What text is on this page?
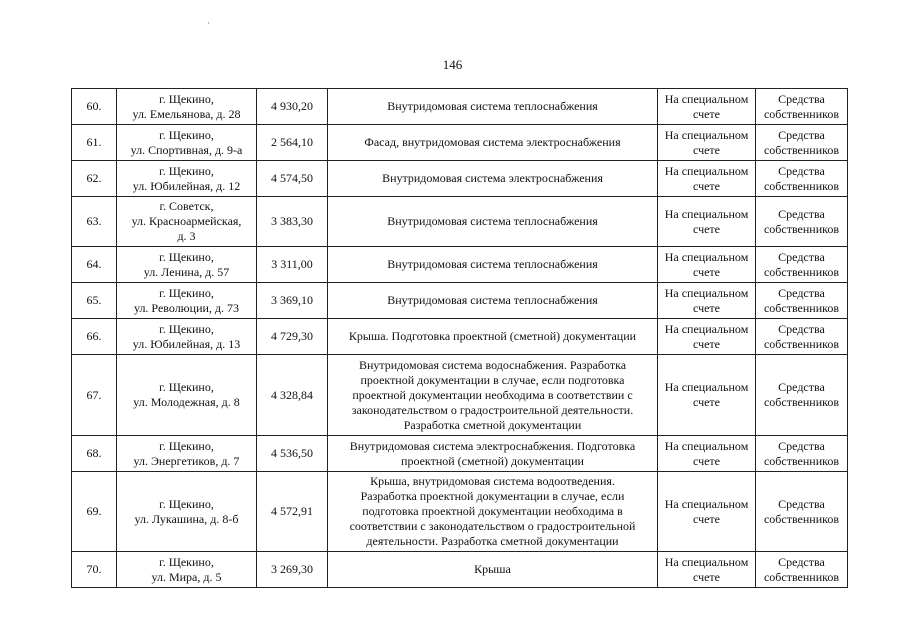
146
60.	г. Щекино,
ул. Емельянова, д. 28	4 930,20	Внутридомовая система теплоснабжения	На специальном
счете	Средства
собственников

61.	г. Щекино,
ул. Спортивная, д. 9-а	2 564,10	Фасад, внутридомовая система электроснабжения	На специальном
счете	Средства
собственников

62.	г. Щекино,
ул. Юбилейная, д. 12	4 574,50	Внутридомовая система электроснабжения	На специальном
счете	Средства
собственников

63.	г. Советск,
ул. Красноармейская,
д. 3	3 383,30	Внутридомовая система теплоснабжения	На специальном
счете	Средства
собственников

64.	г. Щекино,
ул. Ленина, д. 57	3 311,00	Внутридомовая система теплоснабжения	На специальном
счете	Средства
собственников

65.	г. Щекино,
ул. Революции, д. 73	3 369,10	Внутридомовая система теплоснабжения	На специальном
счете	Средства
собственников

66.	г. Щекино,
ул. Юбилейная, д. 13	4 729,30	Крыша. Подготовка проектной (сметной) документации	На специальном
счете	Средства
собственников

67.	г. Щекино,
ул. Молодежная, д. 8	4 328,84	Внутридомовая система водоснабжения. Разработка
проектной документации в случае, если подготовка
проектной документации необходима в соответствии с
законодательством о градостроительной деятельности.
Разработка сметной документации	На специальном
счете	Средства
собственников

68.	г. Щекино,
ул. Энергетиков, д. 7	4 536,50	Внутридомовая система электроснабжения. Подготовка
проектной (сметной) документации	На специальном
счете	Средства
собственников

69.	г. Щекино,
ул. Лукашина, д. 8-б	4 572,91	Крыша, внутридомовая система водоотведения.
Разработка проектной документации в случае, если
подготовка проектной документации необходима в
соответствии с законодательством о градостроительной
деятельности. Разработка сметной документации	На специальном
счете	Средства
собственников

70.	г. Щекино,
ул. Мира, д. 5	3 269,30	Крыша	На специальном
счете	Средства
собственников
·
